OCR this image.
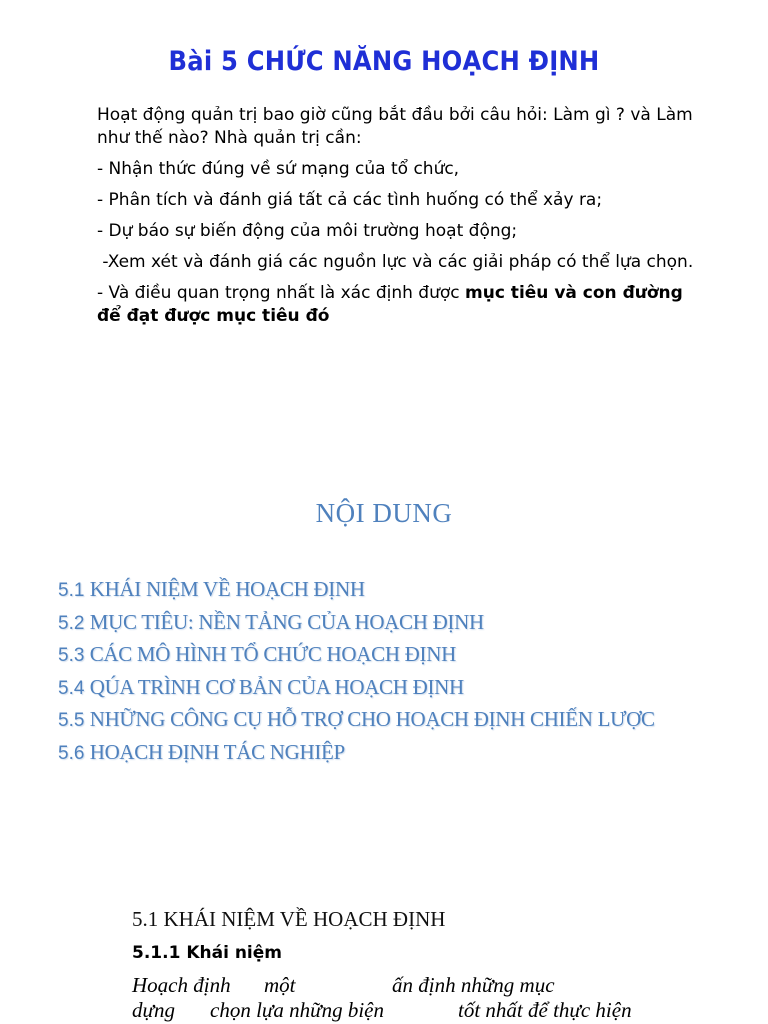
Bài 5 CHỨC NĂNG HOẠCH ĐỊNH

Hoạt động quản trị bao giờ cũng bắt đầu bởi câu hỏi: Làm gì ? và Làm như thế nào? Nhà quản trị cần:

- Nhận thức đúng về sứ mạng của tổ chức,

- Phân tích và đánh giá tất cả các tình huống có thể xảy ra;

- Dự báo sự biến động của môi trường hoạt động;

-Xem xét và đánh giá các nguồn lực và các giải pháp có thể lựa chọn.

- Và điều quan trọng nhất là xác định được mục tiêu và con đường để đạt được mục tiêu đó

NỘI DUNG
5.1 KHÁI NIỆM VỀ HOẠCH ĐỊNH
5.2 MỤC TIÊU: NỀN TẢNG CỦA HOẠCH ĐỊNH
5.3 CÁC MÔ HÌNH TỔ CHỨC HOẠCH ĐỊNH
5.4 QÚA TRÌNH CƠ BẢN CỦA HOẠCH ĐỊNH
5.5 NHỮNG CÔNG CỤ HỖ TRỢ CHO HOẠCH ĐỊNH CHIẾN LƯỢC
5.6 HOẠCH ĐỊNH TÁC NGHIỆP
5.1 KHÁI NIỆM VỀ HOẠCH ĐỊNH
5.1.1 Khái niệm
Hoạch định một	ấn định những mục
dựng chọn lựa những biện	tốt nhất để thực hiện
